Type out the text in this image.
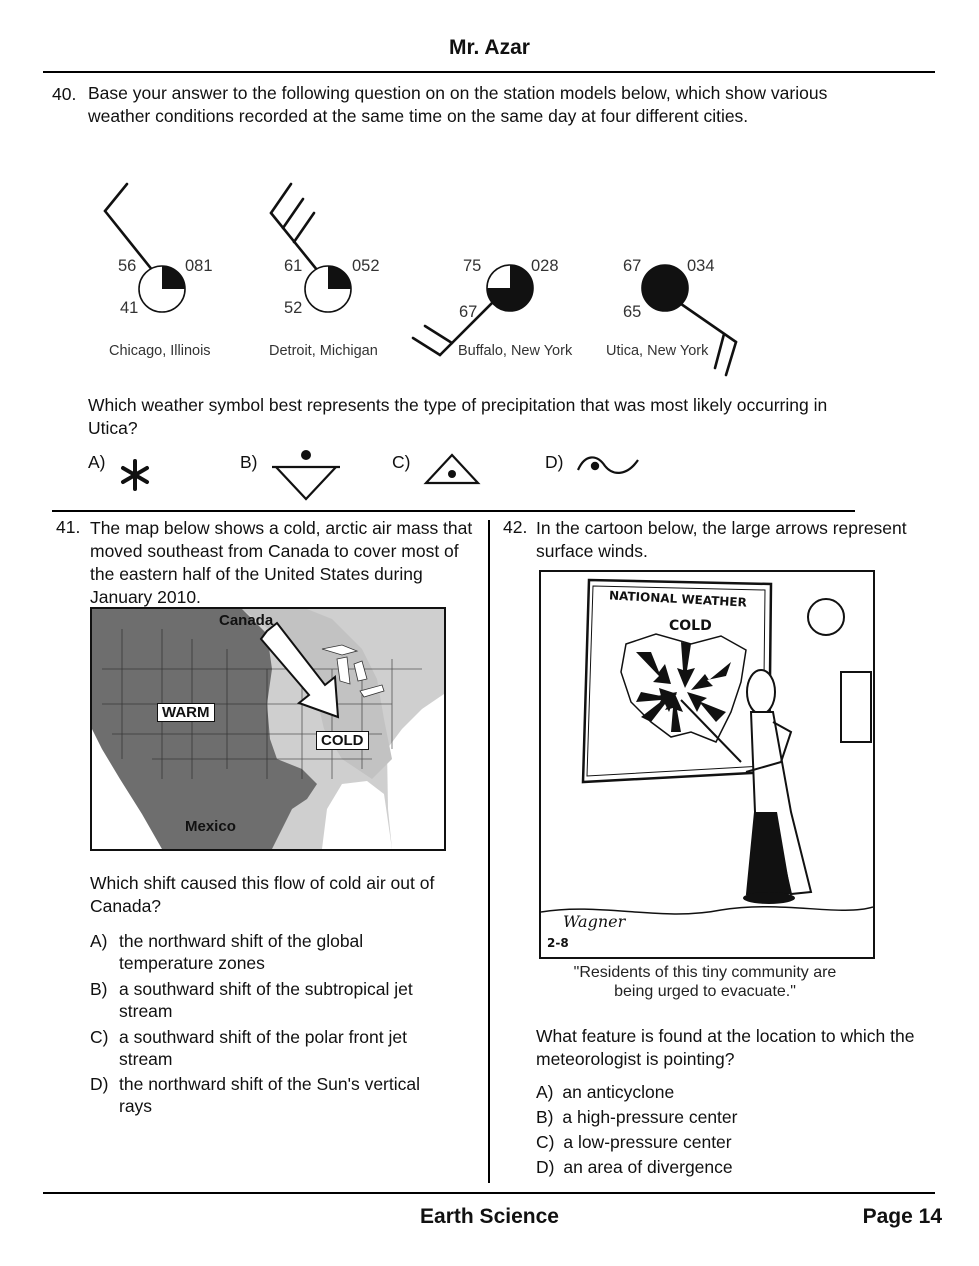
Mr. Azar
40. Base your answer to the following question on on the station models below, which show various weather conditions recorded at the same time on the same day at four different cities.
56	081
41
Chicago, Illinois
61	052
52
Detroit, Michigan
75	028
67
Buffalo, New York
67	034
65
Utica, New York
Which weather symbol best represents the type of precipitation that was most likely occurring in Utica?
A)	B)	C)	D)
41. The map below shows a cold, arctic air mass that moved southeast from Canada to cover most of the eastern half of the United States during January 2010.
Canada
WARM
COLD
Mexico
Which shift caused this flow of cold air out of Canada?
A) the northward shift of the global
temperature zones
B) a southward shift of the subtropical jet
stream
C) a southward shift of the polar front jet
stream
D) the northward shift of the Sun's vertical
rays
42. In the cartoon below, the large arrows represent surface winds.
NATIONAL WEATHER
COLD
Wagner
2-8
"Residents of this tiny community are
being urged to evacuate."
What feature is found at the location to which the meteorologist is pointing?
A) an anticyclone
B) a high-pressure center
C) a low-pressure center
D) an area of divergence
Earth Science	Page 14
